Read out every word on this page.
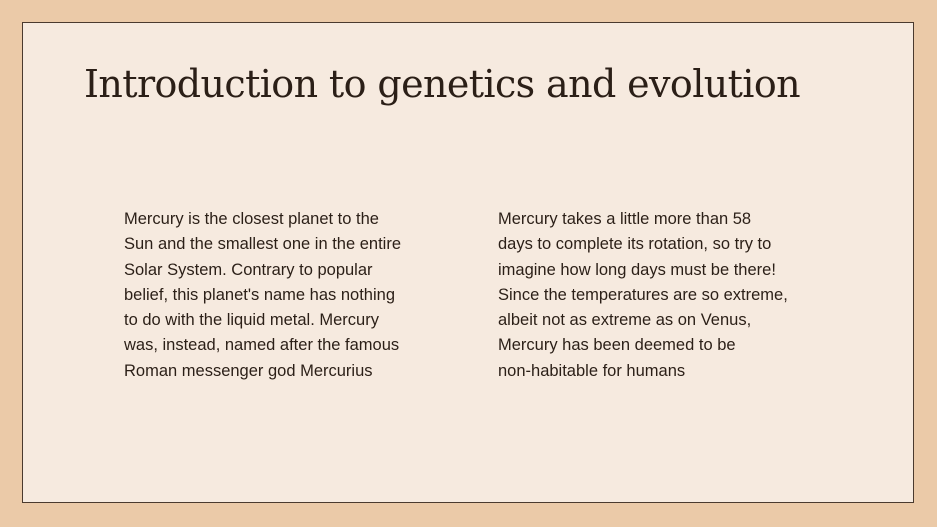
Introduction to genetics and evolution
Mercury is the closest planet to the
Sun and the smallest one in the entire
Solar System. Contrary to popular
belief, this planet's name has nothing
to do with the liquid metal. Mercury
was, instead, named after the famous
Roman messenger god Mercurius
Mercury takes a little more than 58
days to complete its rotation, so try to
imagine how long days must be there!
Since the temperatures are so extreme,
albeit not as extreme as on Venus,
Mercury has been deemed to be
non-habitable for humans
